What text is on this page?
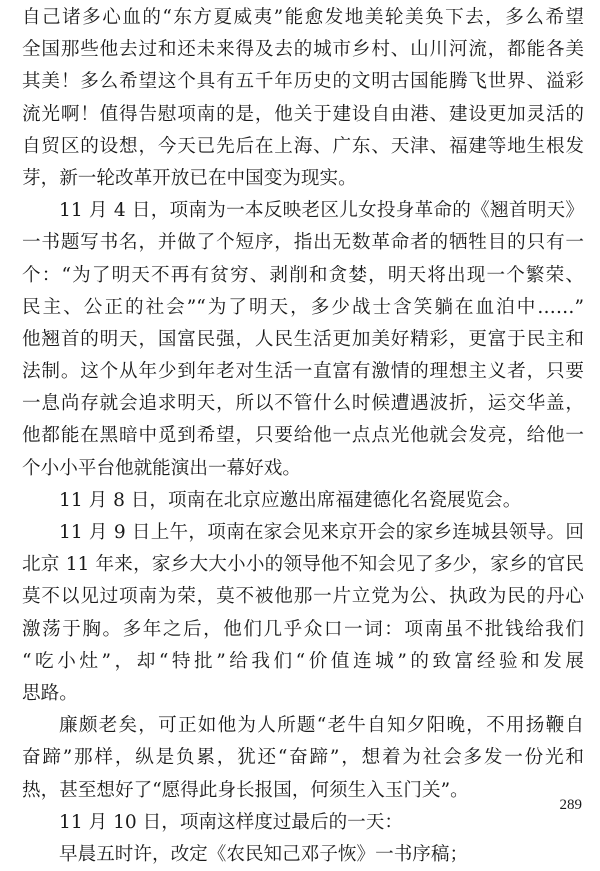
自己诸多心血的“东方夏威夷”能愈发地美轮美奂下去，多么希望
全国那些他去过和还未来得及去的城市乡村、山川河流，都能各美
其美！多么希望这个具有五千年历史的文明古国能腾飞世界、溢彩
流光啊！值得告慰项南的是，他关于建设自由港、建设更加灵活的
自贸区的设想，今天已先后在上海、广东、天津、福建等地生根发
芽，新一轮改革开放已在中国变为现实。
11 月 4 日，项南为一本反映老区儿女投身革命的《翘首明天》
一书题写书名，并做了个短序，指出无数革命者的牺牲目的只有一
个：“为了明天不再有贫穷、剥削和贪婪，明天将出现一个繁荣、
民主、公正的社会”“为了明天，多少战士含笑躺在血泊中……”
他翘首的明天，国富民强，人民生活更加美好精彩，更富于民主和
法制。这个从年少到年老对生活一直富有激情的理想主义者，只要
一息尚存就会追求明天，所以不管什么时候遭遇波折，运交华盖，
他都能在黑暗中觅到希望，只要给他一点点光他就会发亮，给他一
个小小平台他就能演出一幕好戏。
11 月 8 日，项南在北京应邀出席福建德化名瓷展览会。
11 月 9 日上午，项南在家会见来京开会的家乡连城县领导。回
北京 11 年来，家乡大大小小的领导他不知会见了多少，家乡的官民
莫不以见过项南为荣，莫不被他那一片立党为公、执政为民的丹心
激荡于胸。多年之后，他们几乎众口一词：项南虽不批钱给我们
“吃小灶”，却“特批”给我们“价值连城”的致富经验和发展
思路。
廉颇老矣，可正如他为人所题“老牛自知夕阳晚，不用扬鞭自
奋蹄”那样，纵是负累，犹还“奋蹄”，想着为社会多发一份光和
热，甚至想好了“愿得此身长报国，何须生入玉门关”。
11 月 10 日，项南这样度过最后的一天：
早晨五时许，改定《农民知己邓子恢》一书序稿；
289
